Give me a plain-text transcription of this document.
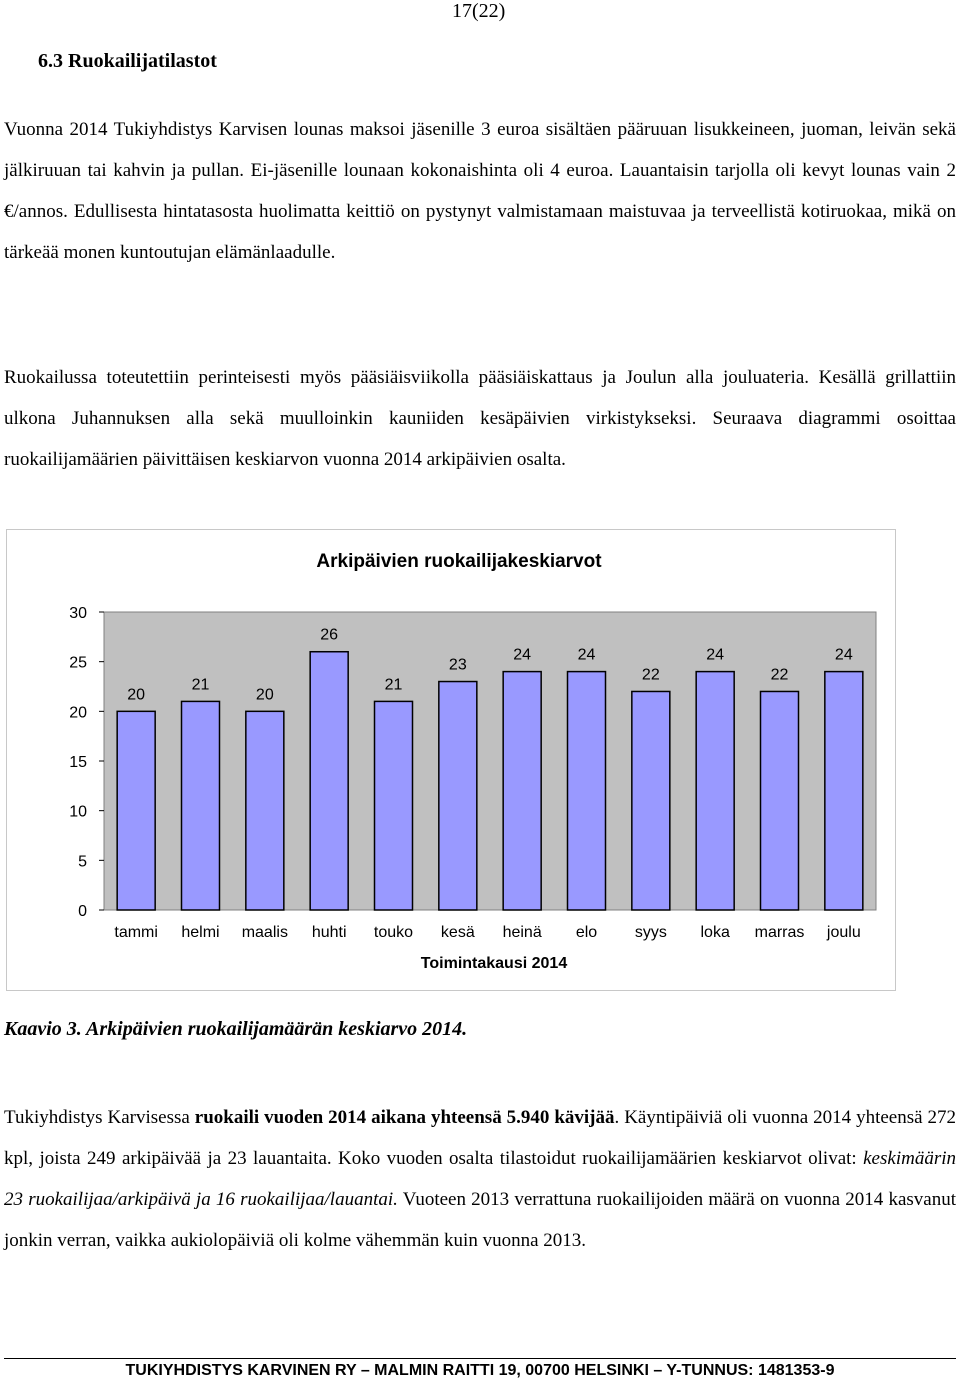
17(22)
6.3 Ruokailijatilastot

Vuonna 2014 Tukiyhdistys Karvisen lounas maksoi jäsenille 3 euroa sisältäen pääruuan lisukkeineen, juoman, leivän sekä jälkiruuan tai kahvin ja pullan. Ei-jäsenille lounaan kokonaishinta oli 4 euroa. Lauantaisin tarjolla oli kevyt lounas vain 2 €/annos. Edullisesta hintatasosta huolimatta keittiö on pystynyt valmistamaan maistuvaa ja terveellistä kotiruokaa, mikä on tärkeää monen kuntoutujan elämänlaadulle.

Ruokailussa toteutettiin perinteisesti myös pääsiäisviikolla pääsiäiskattaus ja Joulun alla jouluateria. Kesällä grillattiin ulkona Juhannuksen alla sekä muulloinkin kauniiden kesäpäivien virkistykseksi. Seuraava diagrammi osoittaa ruokailijamäärien päivittäisen keskiarvon vuonna 2014 arkipäivien osalta.

Arkipäivien ruokailijakeskiarvot
Toimintakausi 2014
0
5
10
15
20
25
30
20
tammi
21
helmi
20
maalis
26
huhti
21
touko
23
kesä
24
heinä
24
elo
22
syys
24
loka
22
marras
24
joulu
Kaavio 3. Arkipäivien ruokailijamäärän keskiarvo 2014.

Tukiyhdistys Karvisessa ruokaili vuoden 2014 aikana yhteensä 5.940 kävijää. Käyntipäiviä oli vuonna 2014 yhteensä 272 kpl, joista 249 arkipäivää ja 23 lauantaita. Koko vuoden osalta tilastoidut ruokailijamäärien keskiarvot olivat: keskimäärin 23 ruokailijaa/arkipäivä ja 16 ruokailijaa/lauantai. Vuoteen 2013 verrattuna ruokailijoiden määrä on vuonna 2014 kasvanut jonkin verran, vaikka aukiolopäiviä oli kolme vähemmän kuin vuonna 2013.

TUKIYHDISTYS KARVINEN RY – MALMIN RAITTI 19, 00700 HELSINKI – Y-TUNNUS: 1481353-9
